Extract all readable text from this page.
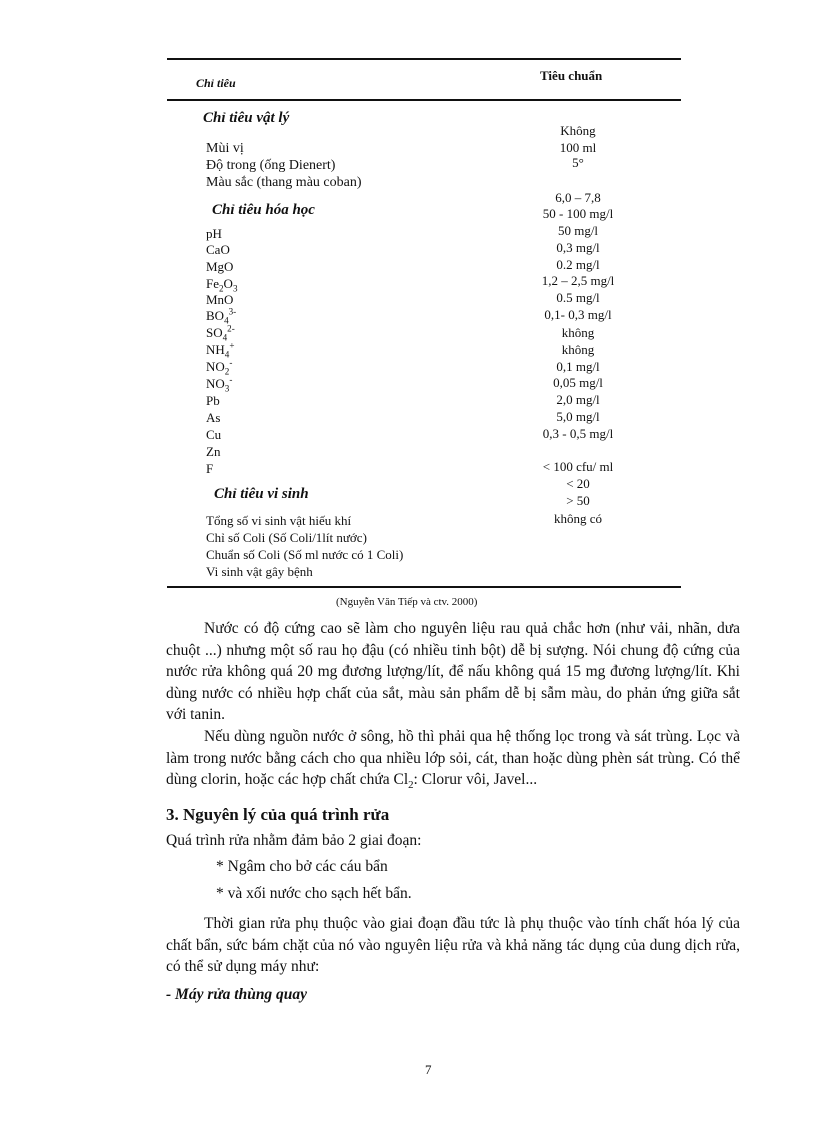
Chỉ tiêu	Tiêu chuẩn
Chỉ tiêu vật lý
Mùi vị
Độ trong (ống Dienert)
Màu sắc (thang màu coban)
Không
100 ml
5°
Chỉ tiêu hóa học
pH
CaO
MgO
$Fe_2O_3$
MnO
$BO_4^{3-}$
$SO_4^{2-}$
$NH_4^+$
$NO_2^-$
$NO_3^-$
Pb
As
Cu
Zn
F
6,0 – 7,8
50 - 100 mg/l
50 mg/l
0,3 mg/l
0.2 mg/l
1,2 – 2,5 mg/l
0.5 mg/l
0,1- 0,3 mg/l
không
không
0,1 mg/l
0,05 mg/l
2,0 mg/l
5,0 mg/l
0,3 - 0,5 mg/l
Chỉ tiêu vi sinh
Tổng số vi sinh vật hiếu khí
Chỉ số Coli (Số Coli/1lít nước)
Chuẩn số Coli (Số ml nước có 1 Coli)
Vi sinh vật gây bệnh
< 100 cfu/ ml
< 20
> 50
không có
(Nguyễn Văn Tiếp và ctv. 2000)

Nước có độ cứng cao sẽ làm cho nguyên liệu rau quả chắc hơn (như vải, nhãn, dưa chuột ...) nhưng một số rau họ đậu (có nhiều tinh bột) dễ bị sượng. Nói chung độ cứng của nước rửa không quá 20 mg đương lượng/lít, để nấu không quá 15 mg đương lượng/lít. Khi dùng nước có nhiều hợp chất của sắt, màu sản phẩm dễ bị sẫm màu, do phản ứng giữa sắt với tanin.

Nếu dùng nguồn nước ở sông, hồ thì phải qua hệ thống lọc trong và sát trùng. Lọc và làm trong nước bằng cách cho qua nhiều lớp sỏi, cát, than hoặc dùng phèn sát trùng. Có thể dùng clorin, hoặc các hợp chất chứa $Cl_2$: Clorur vôi, Javel...

3. Nguyên lý của quá trình rửa
Quá trình rửa nhằm đảm bảo 2 giai đoạn:
* Ngâm cho bở các cáu bẩn
* và xối nước cho sạch hết bẩn.

Thời gian rửa phụ thuộc vào giai đoạn đầu tức là phụ thuộc vào tính chất hóa lý của chất bẩn, sức bám chặt của nó vào nguyên liệu rửa và khả năng tác dụng của dung dịch rửa, có thể sử dụng máy như:

- Máy rửa thùng quay
7
